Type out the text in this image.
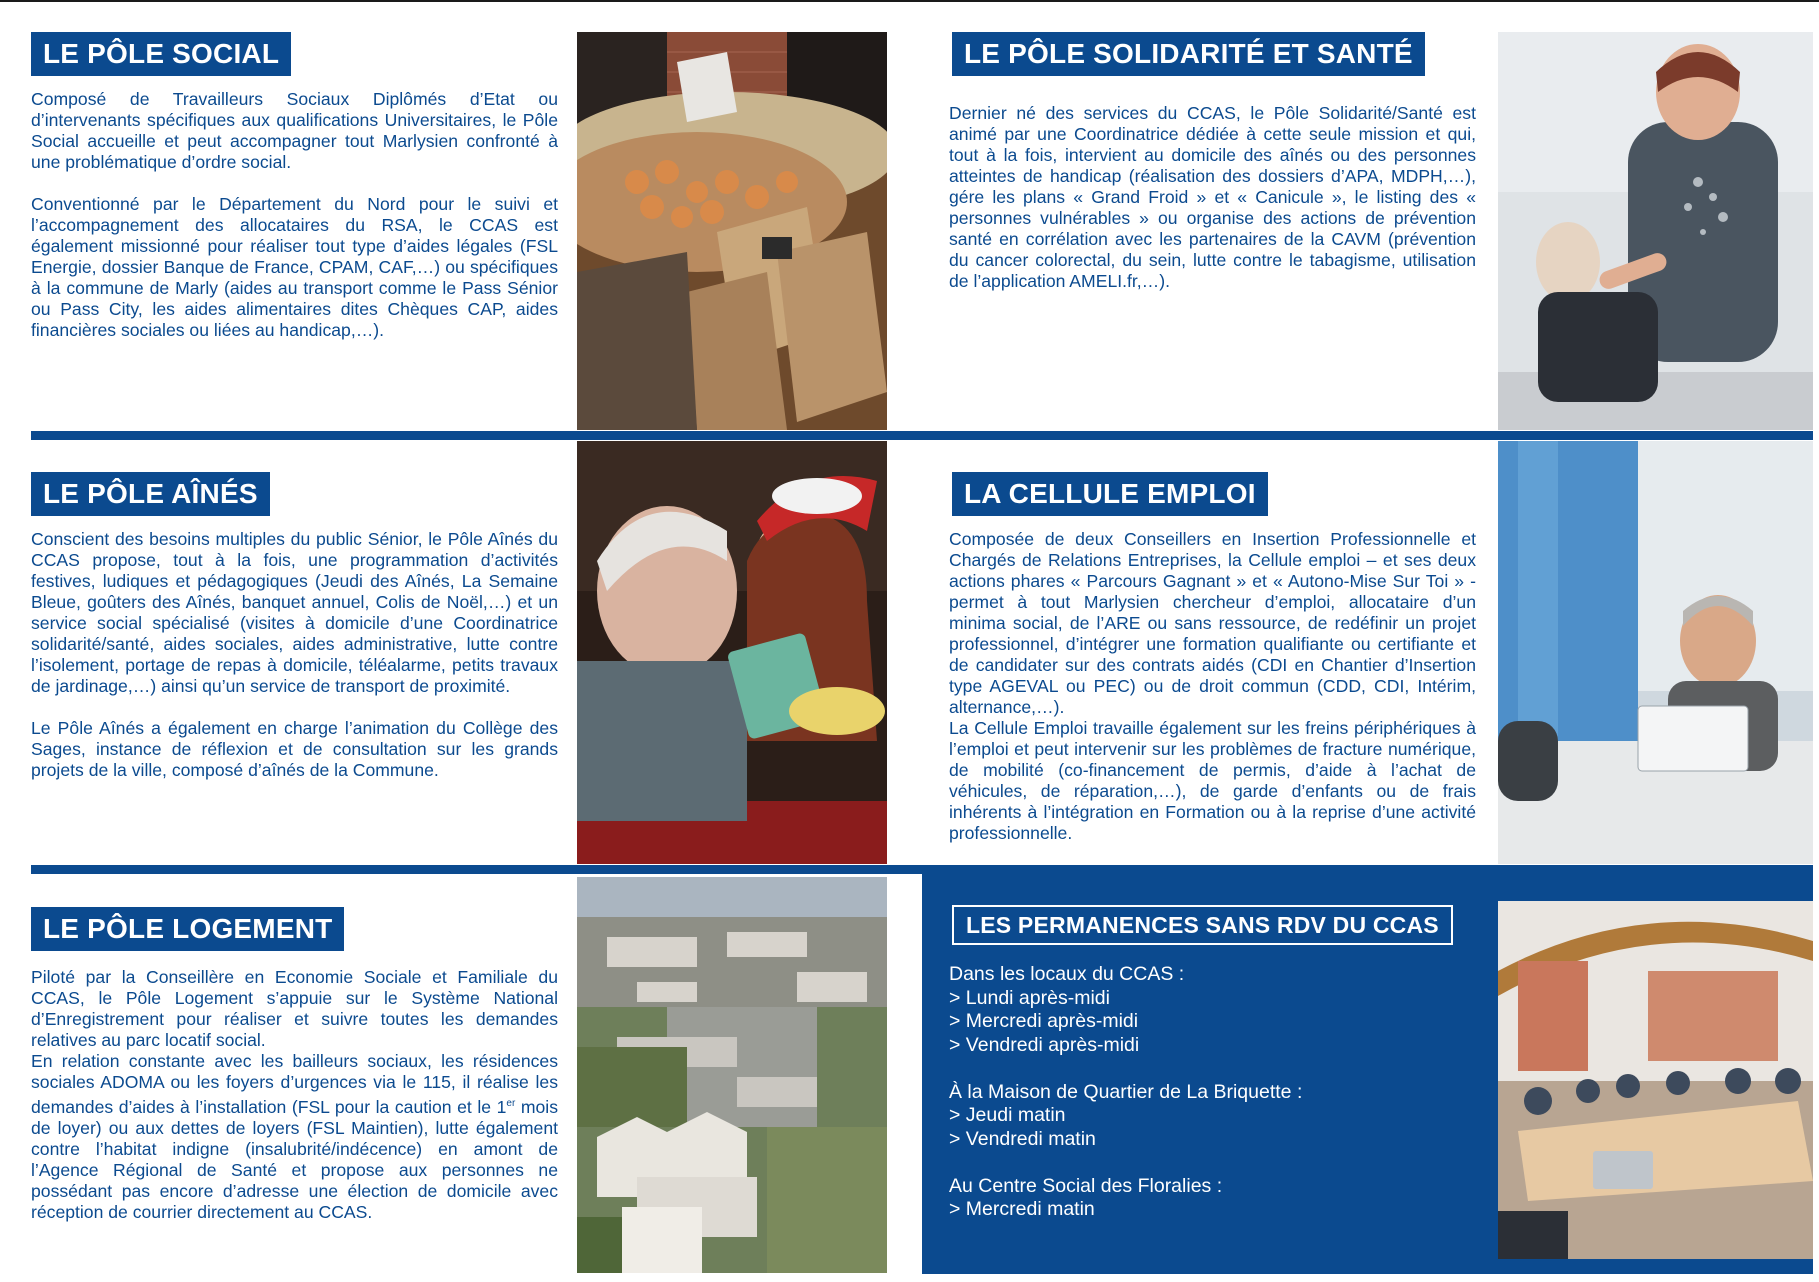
LE PÔLE SOCIAL

Composé de Travailleurs Sociaux Diplômés d’Etat ou d’intervenants spécifiques aux qualifications Universitaires, le Pôle Social accueille et peut accompagner tout Marlysien confronté à une problématique d’ordre social.

Conventionné par le Département du Nord pour le suivi et l’accompagnement des allocataires du RSA, le CCAS est également missionné pour réaliser tout type d’aides légales (FSL Energie, dossier Banque de France, CPAM, CAF,…) ou spécifiques à la commune de Marly (aides au transport comme le Pass Sénior ou Pass City, les aides alimentaires dites Chèques CAP, aides financières sociales ou liées au handicap,…).

LE PÔLE SOLIDARITÉ ET SANTÉ

Dernier né des services du CCAS, le Pôle Solidarité/Santé est animé par une Coordinatrice dédiée à cette seule mission et qui, tout à la fois, intervient au domicile des aînés ou des personnes atteintes de handicap (réalisation des dossiers d’APA, MDPH,…), gére les plans « Grand Froid » et « Canicule », le listing des « personnes vulnérables » ou organise des actions de prévention santé en corrélation avec les partenaires de la CAVM (prévention du cancer colorectal, du sein, lutte contre le tabagisme, utilisation de l’application AMELI.fr,…).

LE PÔLE AÎNÉS

Conscient des besoins multiples du public Sénior, le Pôle Aînés du CCAS propose, tout à la fois, une programmation d’activités festives, ludiques et pédagogiques (Jeudi des Aînés, La Semaine Bleue, goûters des Aînés, banquet annuel, Colis de Noël,…) et un service social spécialisé (visites à domicile d’une Coordinatrice solidarité/santé, aides sociales, aides administrative, lutte contre l’isolement, portage de repas à domicile, téléalarme, petits travaux de jardinage,…) ainsi qu’un service de transport de proximité.

Le Pôle Aînés a également en charge l’animation du Collège des Sages, instance de réflexion et de consultation sur les grands projets de la ville, composé d’aînés de la Commune.

LA CELLULE EMPLOI

Composée de deux Conseillers en Insertion Professionnelle et Chargés de Relations Entreprises, la Cellule emploi – et ses deux actions phares « Parcours Gagnant » et « Autono-Mise Sur Toi » - permet à tout Marlysien chercheur d’emploi, allocataire d’un minima social, de l’ARE ou sans ressource, de redéfinir un projet professionnel, d’intégrer une formation qualifiante ou certifiante et de candidater sur des contrats aidés (CDI en Chantier d’Insertion type AGEVAL ou PEC) ou de droit commun (CDD, CDI, Intérim, alternance,…).

La Cellule Emploi travaille également sur les freins périphériques à l’emploi et peut intervenir sur les problèmes de fracture numérique, de mobilité (co-financement de permis, d’aide à l’achat de véhicules, de réparation,…), de garde d’enfants ou de frais inhérents à l’intégration en Formation ou à la reprise d’une activité professionnelle.

LE PÔLE LOGEMENT

Piloté par la Conseillère en Economie Sociale et Familiale du CCAS, le Pôle Logement s’appuie sur le Système National d’Enregistrement pour réaliser et suivre toutes les demandes relatives au parc locatif social.

En relation constante avec les bailleurs sociaux, les résidences sociales ADOMA ou les foyers d’urgences via le 115, il réalise les demandes d’aides à l’installation (FSL pour la caution et le 1er mois de loyer) ou aux dettes de loyers (FSL Maintien), lutte également contre l’habitat indigne (insalubrité/indécence) en amont de l’Agence Régional de Santé et propose aux personnes ne possédant pas encore d’adresse une élection de domicile avec réception de courrier directement au CCAS.

LES PERMANENCES SANS RDV DU CCAS
Dans les locaux du CCAS :
> Lundi après-midi
> Mercredi après-midi
> Vendredi après-midi
À la Maison de Quartier de La Briquette :
> Jeudi matin
> Vendredi matin
Au Centre Social des Floralies :
> Mercredi matin
